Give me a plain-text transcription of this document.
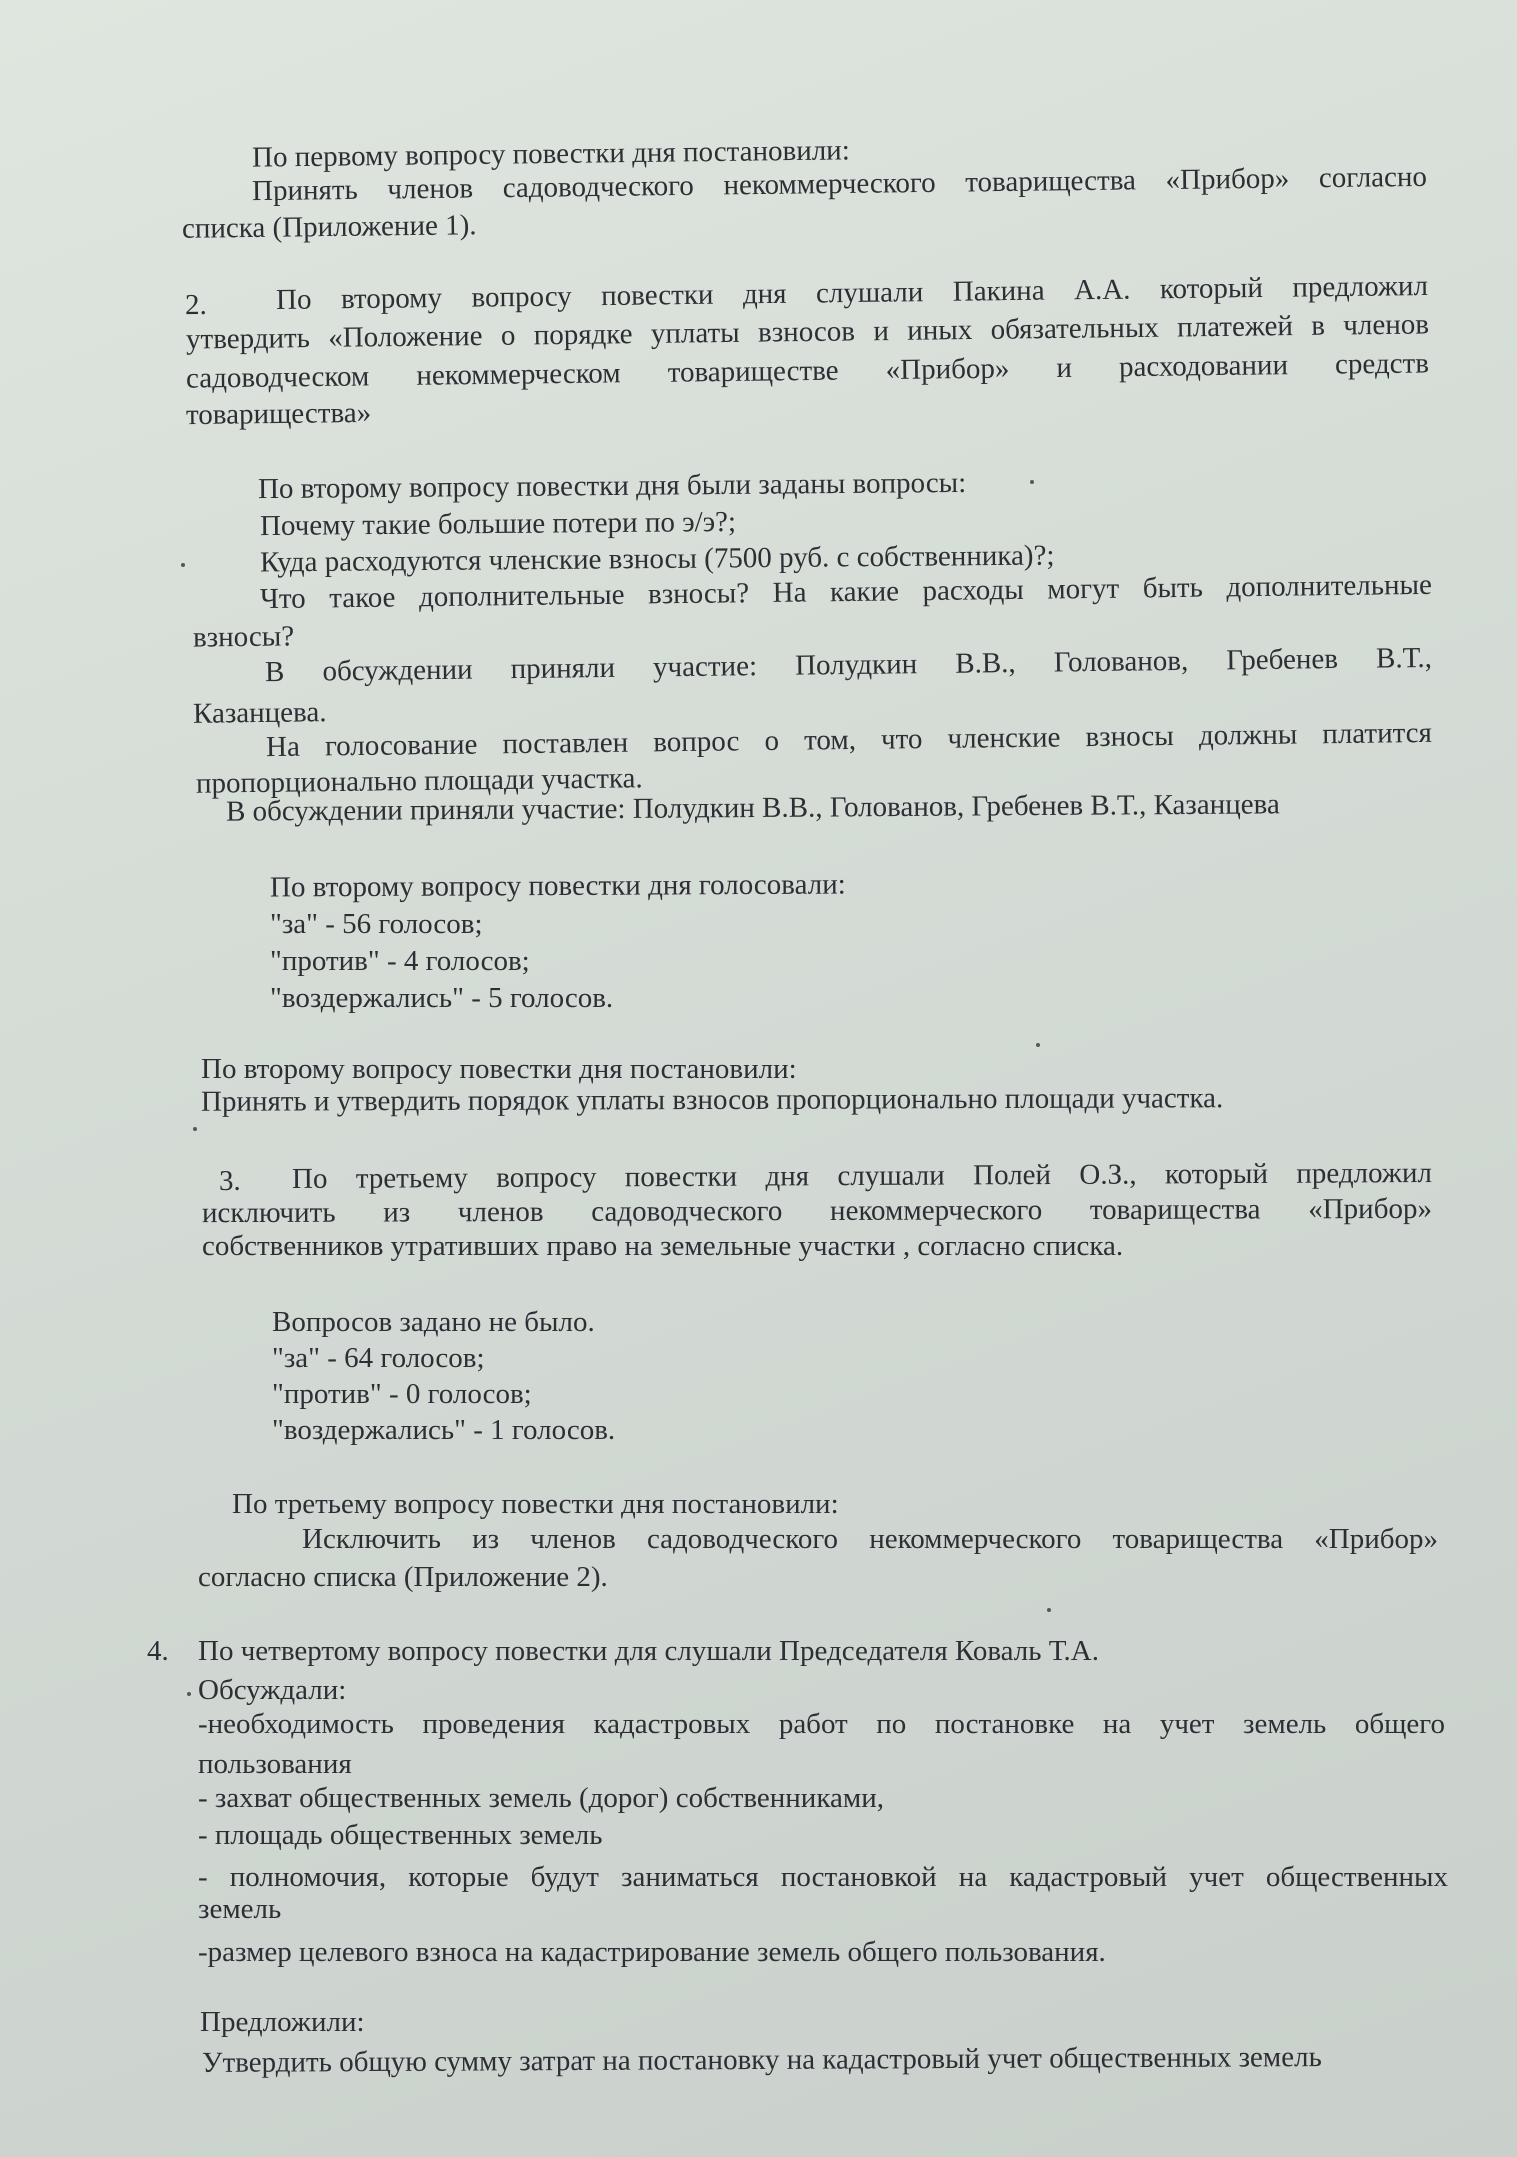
По первому вопросу повестки дня постановили:
Принять членов садоводческого некоммерческого товарищества «Прибор» согласно
списка (Приложение 1).
2. По второму вопросу повестки дня слушали Пакина А.А. который предложил
утвердить «Положение о порядке уплаты взносов и иных обязательных платежей в членов
садоводческом некоммерческом товариществе «Прибор» и расходовании средств
товарищества»
По второму вопросу повестки дня были заданы вопросы:
Почему такие большие потери по э/э?;
Куда расходуются членские взносы (7500 руб. с собственника)?;
Что такое дополнительные взносы? На какие расходы могут быть дополнительные
взносы?
В обсуждении приняли участие: Полудкин В.В., Голованов, Гребенев В.Т.,
Казанцева.
На голосование поставлен вопрос о том, что членские взносы должны платится
пропорционально площади участка.
В обсуждении приняли участие: Полудкин В.В., Голованов, Гребенев В.Т., Казанцева
По второму вопросу повестки дня голосовали:
"за" - 56 голосов;
"против" - 4 голосов;
"воздержались" - 5 голосов.
По второму вопросу повестки дня постановили:
Принять и утвердить порядок уплаты взносов пропорционально площади участка.
3. По третьему вопросу повестки дня слушали Полей О.З., который предложил
исключить из членов садоводческого некоммерческого товарищества «Прибор»
собственников утративших право на земельные участки , согласно списка.
Вопросов задано не было.
"за" - 64 голосов;
"против" - 0 голосов;
"воздержались" - 1 голосов.
По третьему вопросу повестки дня постановили:
Исключить из членов садоводческого некоммерческого товарищества «Прибор»
согласно списка (Приложение 2).
4. По четвертому вопросу повестки для слушали Председателя Коваль Т.А.
Обсуждали:
-необходимость проведения кадастровых работ по постановке на учет земель общего
пользования
- захват общественных земель (дорог) собственниками,
- площадь общественных земель
- полномочия, которые будут заниматься постановкой на кадастровый учет общественных
земель
-размер целевого взноса на кадастрирование земель общего пользования.
Предложили:
Утвердить общую сумму затрат на постановку на кадастровый учет общественных земель
